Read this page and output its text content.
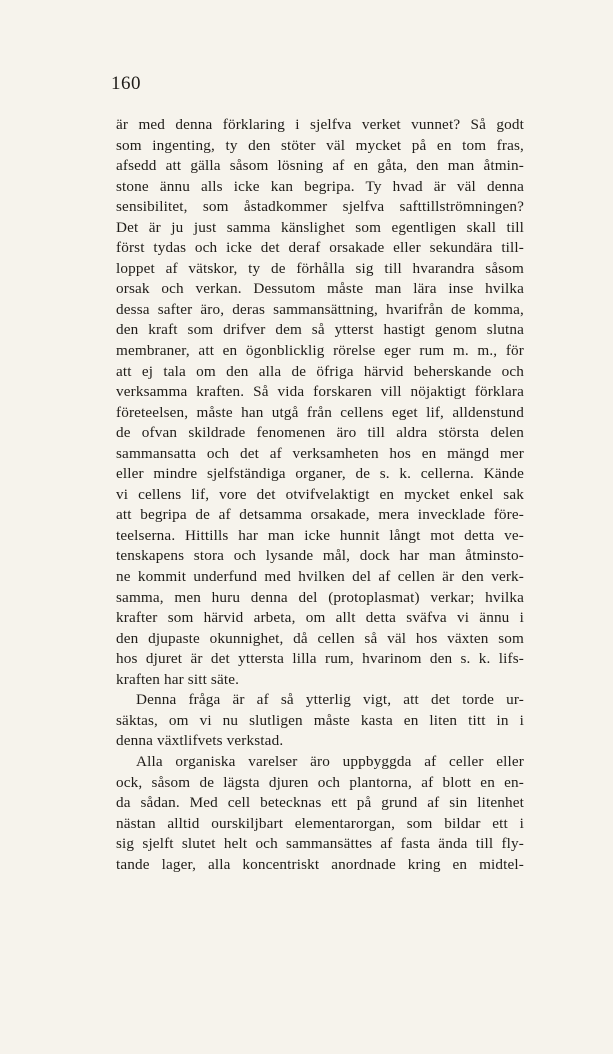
160
är med denna förklaring i sjelfva verket vunnet? Så godt
som ingenting, ty den stöter väl mycket på en tom fras,
afsedd att gälla såsom lösning af en gåta, den man åtmin-
stone ännu alls icke kan begripa. Ty hvad är väl denna
sensibilitet, som åstadkommer sjelfva safttillströmningen?
Det är ju just samma känslighet som egentligen skall till
först tydas och icke det deraf orsakade eller sekundära till-
loppet af vätskor, ty de förhålla sig till hvarandra såsom
orsak och verkan. Dessutom måste man lära inse hvilka
dessa safter äro, deras sammansättning, hvarifrån de komma,
den kraft som drifver dem så ytterst hastigt genom slutna
membraner, att en ögonblicklig rörelse eger rum m. m., för
att ej tala om den alla de öfriga härvid beherskande och
verksamma kraften. Så vida forskaren vill nöjaktigt förklara
företeelsen, måste han utgå från cellens eget lif, alldenstund
de ofvan skildrade fenomenen äro till aldra största delen
sammansatta och det af verksamheten hos en mängd mer
eller mindre sjelfständiga organer, de s. k. cellerna. Kände
vi cellens lif, vore det otvifvelaktigt en mycket enkel sak
att begripa de af detsamma orsakade, mera invecklade före-
teelserna. Hittills har man icke hunnit långt mot detta ve-
tenskapens stora och lysande mål, dock har man åtminsto-
ne kommit underfund med hvilken del af cellen är den verk-
samma, men huru denna del (protoplasmat) verkar; hvilka
krafter som härvid arbeta, om allt detta sväfva vi ännu i
den djupaste okunnighet, då cellen så väl hos växten som
hos djuret är det yttersta lilla rum, hvarinom den s. k. lifs-
kraften har sitt säte.
Denna fråga är af så ytterlig vigt, att det torde ur-
säktas, om vi nu slutligen måste kasta en liten titt in i
denna växtlifvets verkstad.
Alla organiska varelser äro uppbyggda af celler eller
ock, såsom de lägsta djuren och plantorna, af blott en en-
da sådan. Med cell betecknas ett på grund af sin litenhet
nästan alltid ourskiljbart elementarorgan, som bildar ett i
sig sjelft slutet helt och sammansättes af fasta ända till fly-
tande lager, alla koncentriskt anordnade kring en midtel-
